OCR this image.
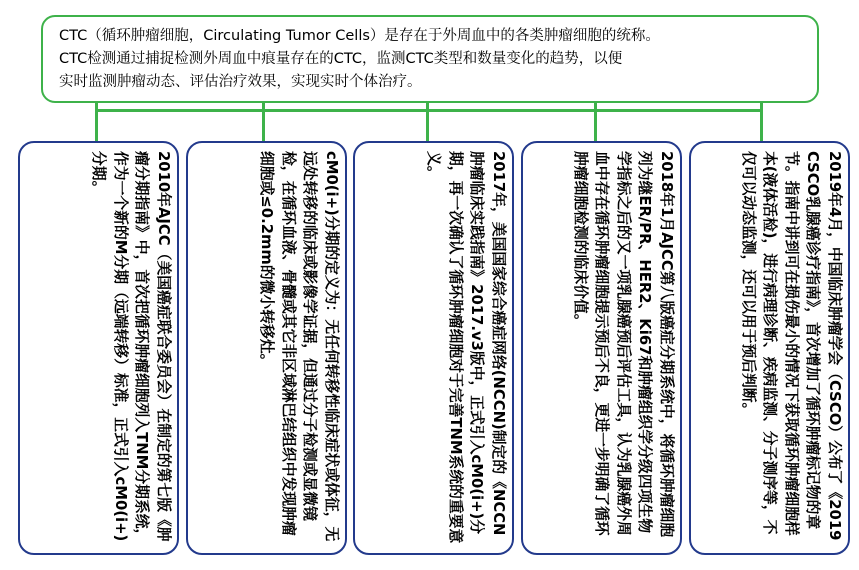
CTC（循环肿瘤细胞，Circulating Tumor Cells）是存在于外周血中的各类肿瘤细胞的统称。

CTC检测通过捕捉检测外周血中痕量存在的CTC，监测CTC类型和数量变化的趋势，以便

实时监测肿瘤动态、评估治疗效果，实现实时个体治疗。

2010年AJCC（美国癌症联合委员会）在制定的第七版《肿瘤分期指南》中，首次把循环肿瘤细胞列入TNM分期系统，作为一个新的M分期（远端转移）标准，正式引入cM0(i+)分期。	cM0(i+)分期的定义为：无任何转移性临床症状或体征，无远处转移的临床或影像学证据，但通过分子检测或显微镜检，在循环血液、骨髓或其它非区域淋巴结组织中发现肿瘤细胞或≤0.2mm的微小转移灶。	2017年，美国国家综合癌症网络(NCCN)制定的《NCCN肿瘤临床实践指南》2017.v3版中，正式引入cM0(i+)分期，再一次确认了循环肿瘤细胞对于完善TNM系统的重要意义。	2018年1月AJCC第八版癌症分期系统中，将循环肿瘤细胞列为继ER/PR、HER2、Ki67和肿瘤组织学分级四项生物学指标之后的又一项乳腺癌预后评估工具，认为乳腺癌外周血中存在循环肿瘤细胞提示预后不良，更进一步明确了循环肿瘤细胞检测的临床价值。	2019年4月，中国临床肿瘤学会（CSCO）公布了《2019 CSCO乳腺癌诊疗指南》，首次增加了循环肿瘤标记物的章节。指南中讲到可在损伤最小的情况下获取循环肿瘤细胞样本(液体活检)，进行病理诊断、疾病监测、分子测序等，不仅可以动态监测，还可以用于预后判断。
